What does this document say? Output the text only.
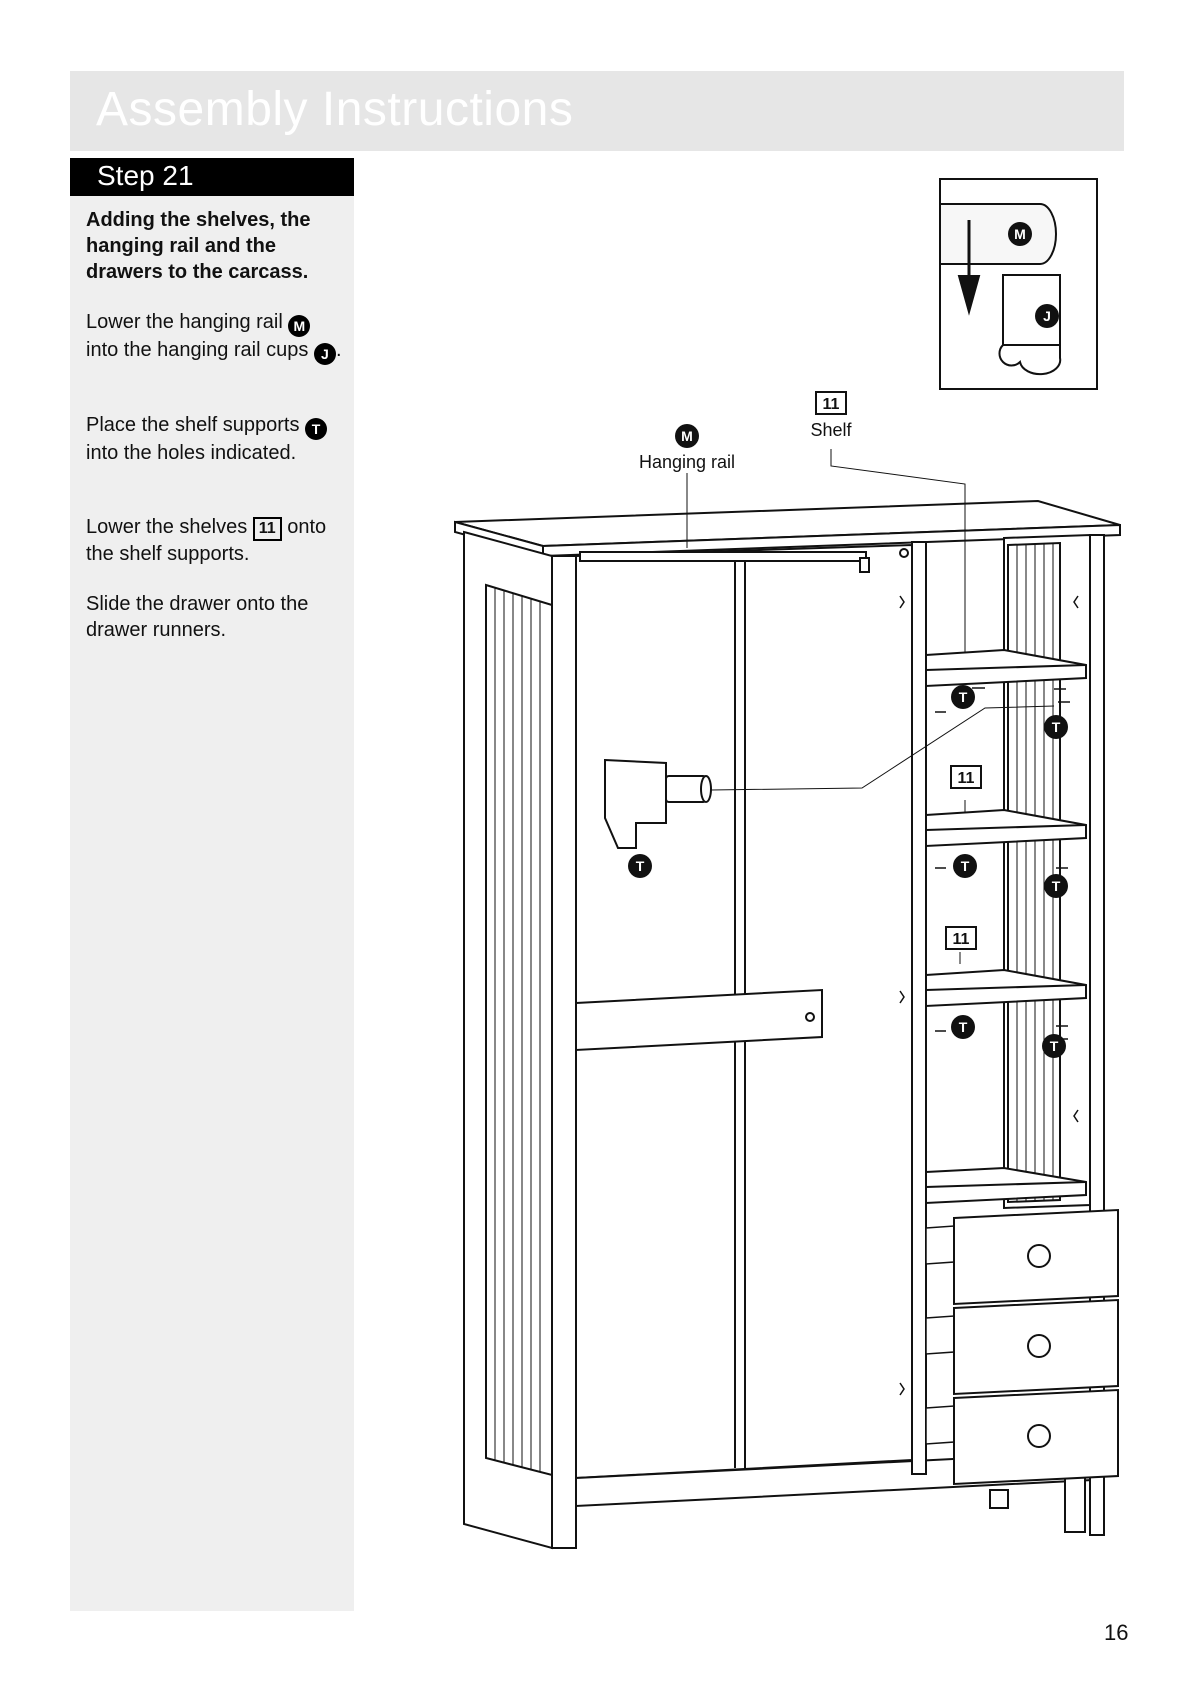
Assembly Instructions
Step 21
Adding the shelves, the hanging rail and the drawers to the carcass.
Lower the hanging rail M into the hanging rail cups J .
Place the shelf supports T into the holes indicated.
Lower the shelves 11 onto the shelf supports.
Slide the drawer onto the drawer runners.
M
J
M
T
T
T	T
T
T
T
11
11
11
Hanging rail
Shelf
16
